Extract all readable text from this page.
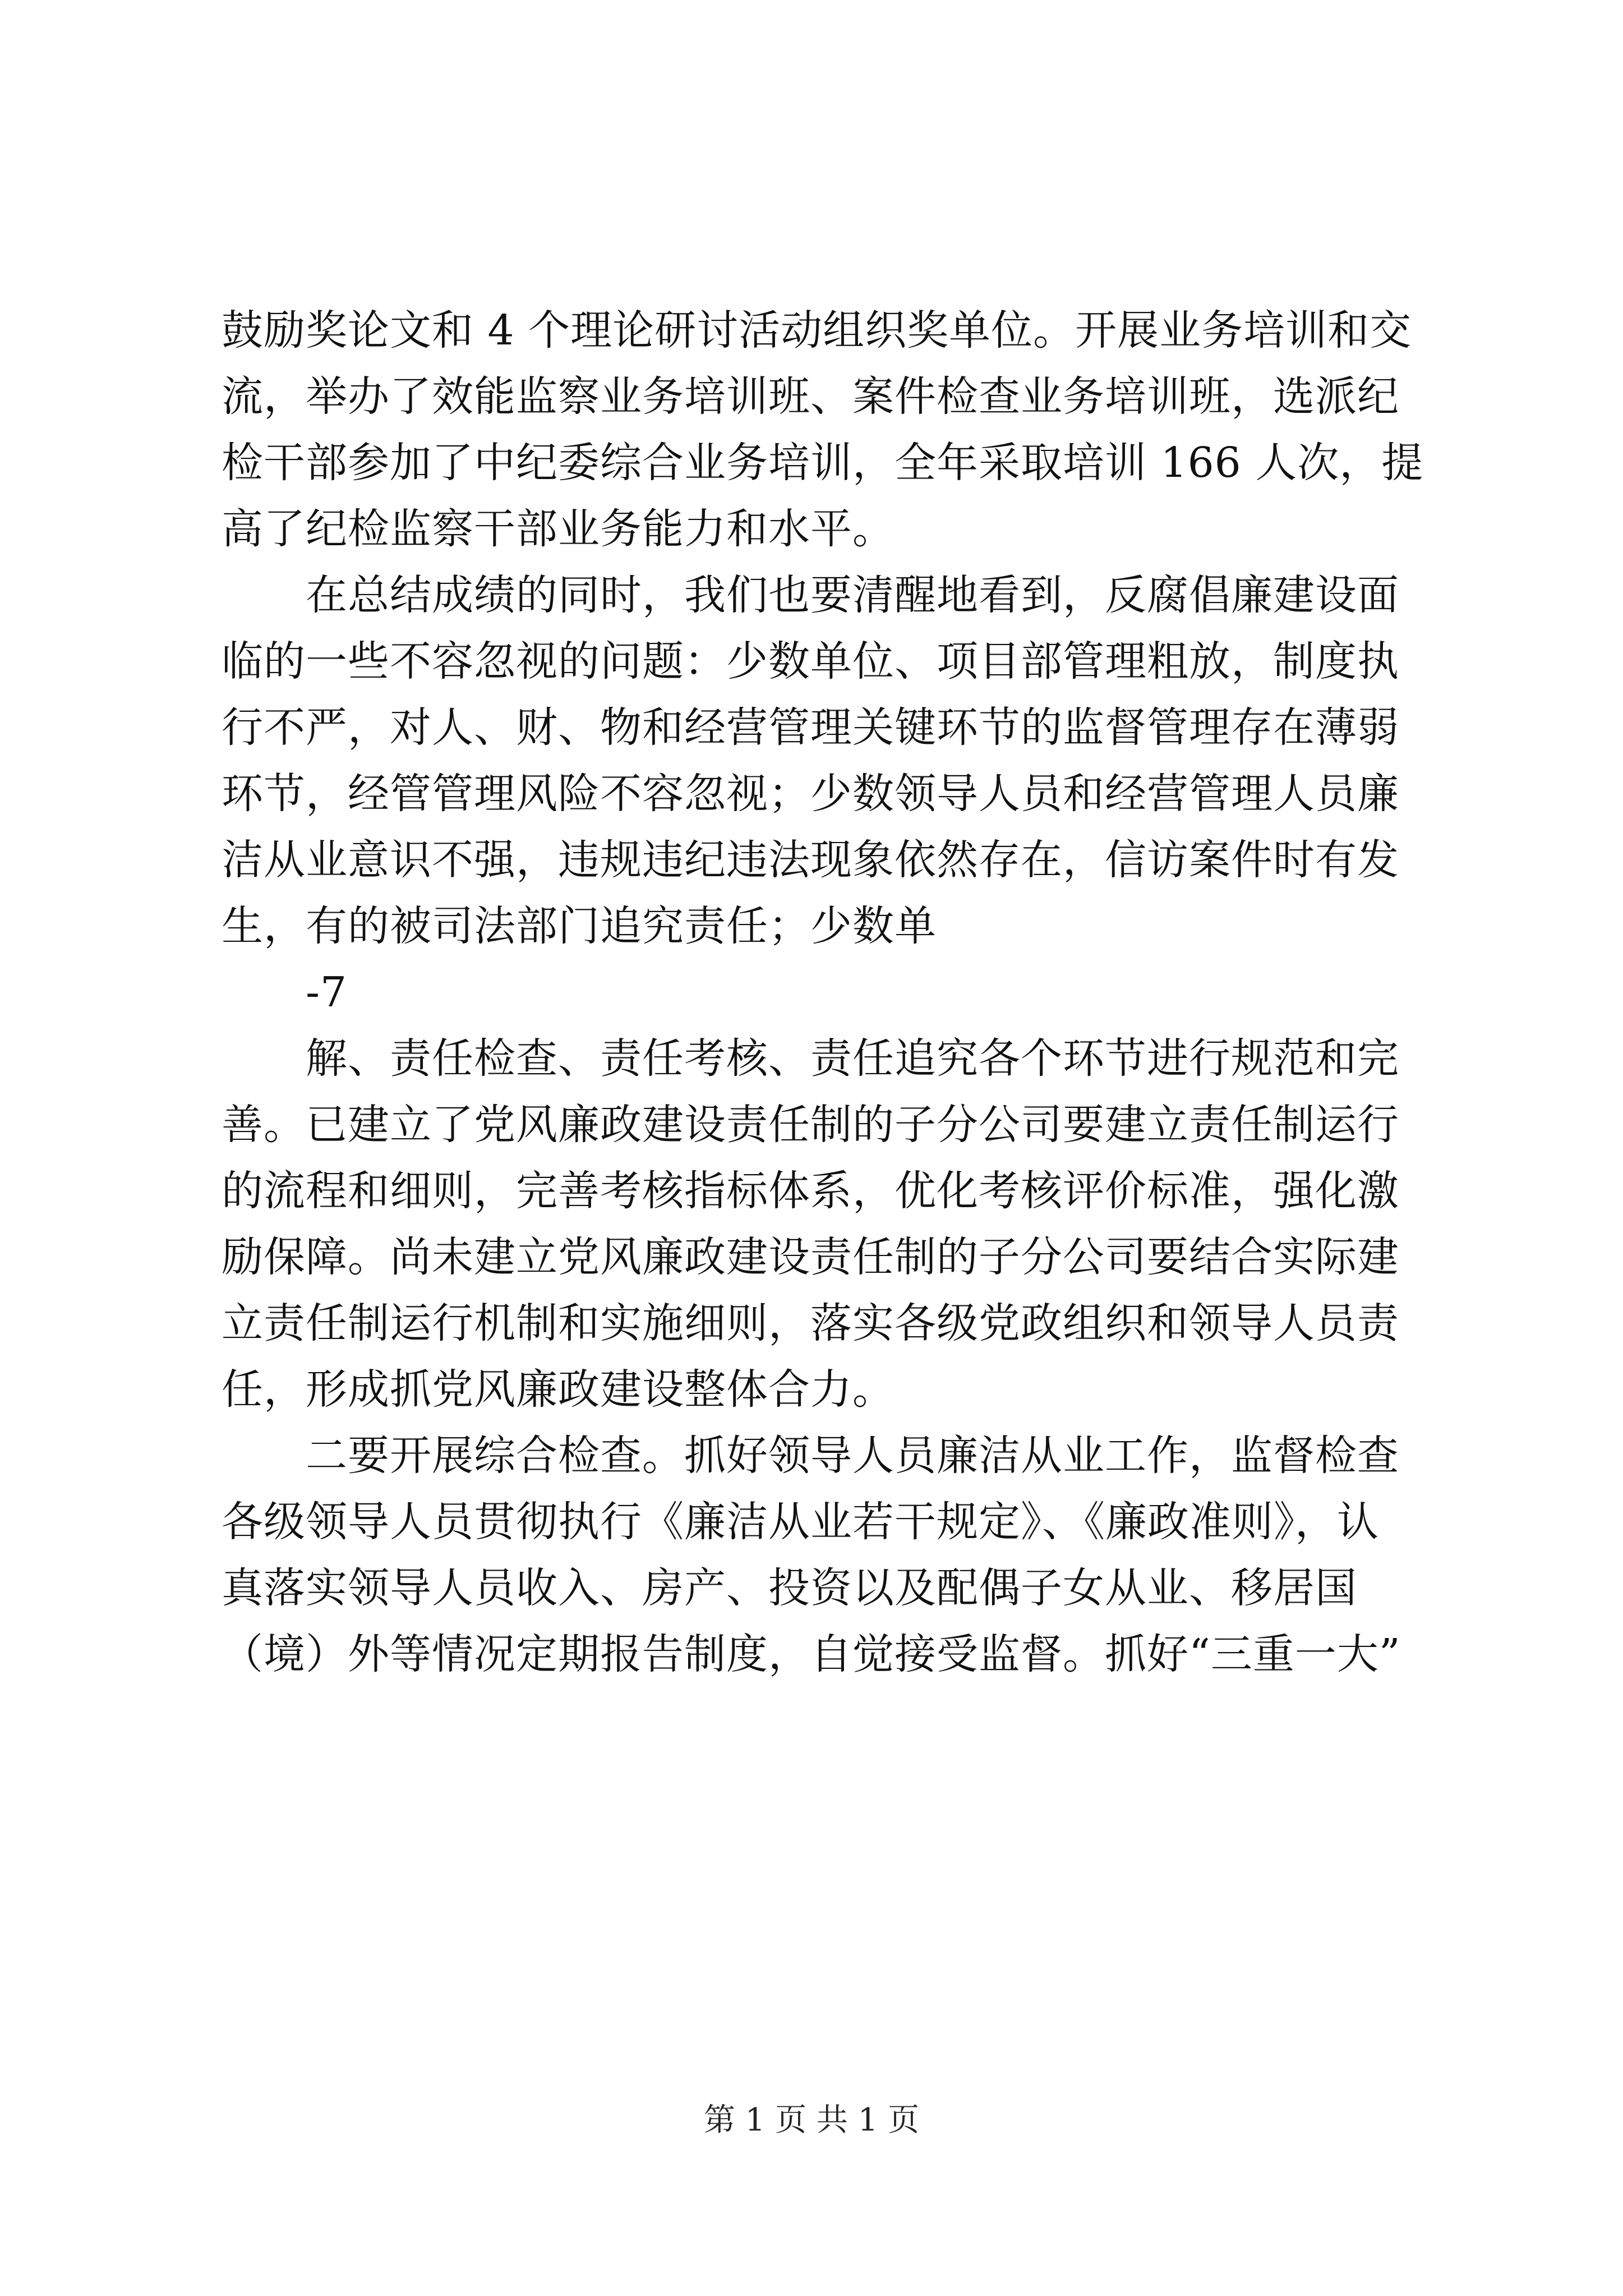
鼓励奖论文和 4 个理论研讨活动组织奖单位。开展业务培训和交
流，举办了效能监察业务培训班、案件检查业务培训班，选派纪
检干部参加了中纪委综合业务培训，全年采取培训 166 人次，提
高了纪检监察干部业务能力和水平。
在总结成绩的同时，我们也要清醒地看到，反腐倡廉建设面
临的一些不容忽视的问题：少数单位、项目部管理粗放，制度执
行不严，对人、财、物和经营管理关键环节的监督管理存在薄弱
环节，经管管理风险不容忽视；少数领导人员和经营管理人员廉
洁从业意识不强，违规违纪违法现象依然存在，信访案件时有发
生，有的被司法部门追究责任；少数单
-7
解、责任检查、责任考核、责任追究各个环节进行规范和完
善。已建立了党风廉政建设责任制的子分公司要建立责任制运行
的流程和细则，完善考核指标体系，优化考核评价标准，强化激
励保障。尚未建立党风廉政建设责任制的子分公司要结合实际建
立责任制运行机制和实施细则，落实各级党政组织和领导人员责
任，形成抓党风廉政建设整体合力。
二要开展综合检查。抓好领导人员廉洁从业工作，监督检查
各级领导人员贯彻执行《廉洁从业若干规定》、《廉政准则》，认
真落实领导人员收入、房产、投资以及配偶子女从业、移居国
（境）外等情况定期报告制度，自觉接受监督。抓好“三重一大”
第 1 页 共 1 页
